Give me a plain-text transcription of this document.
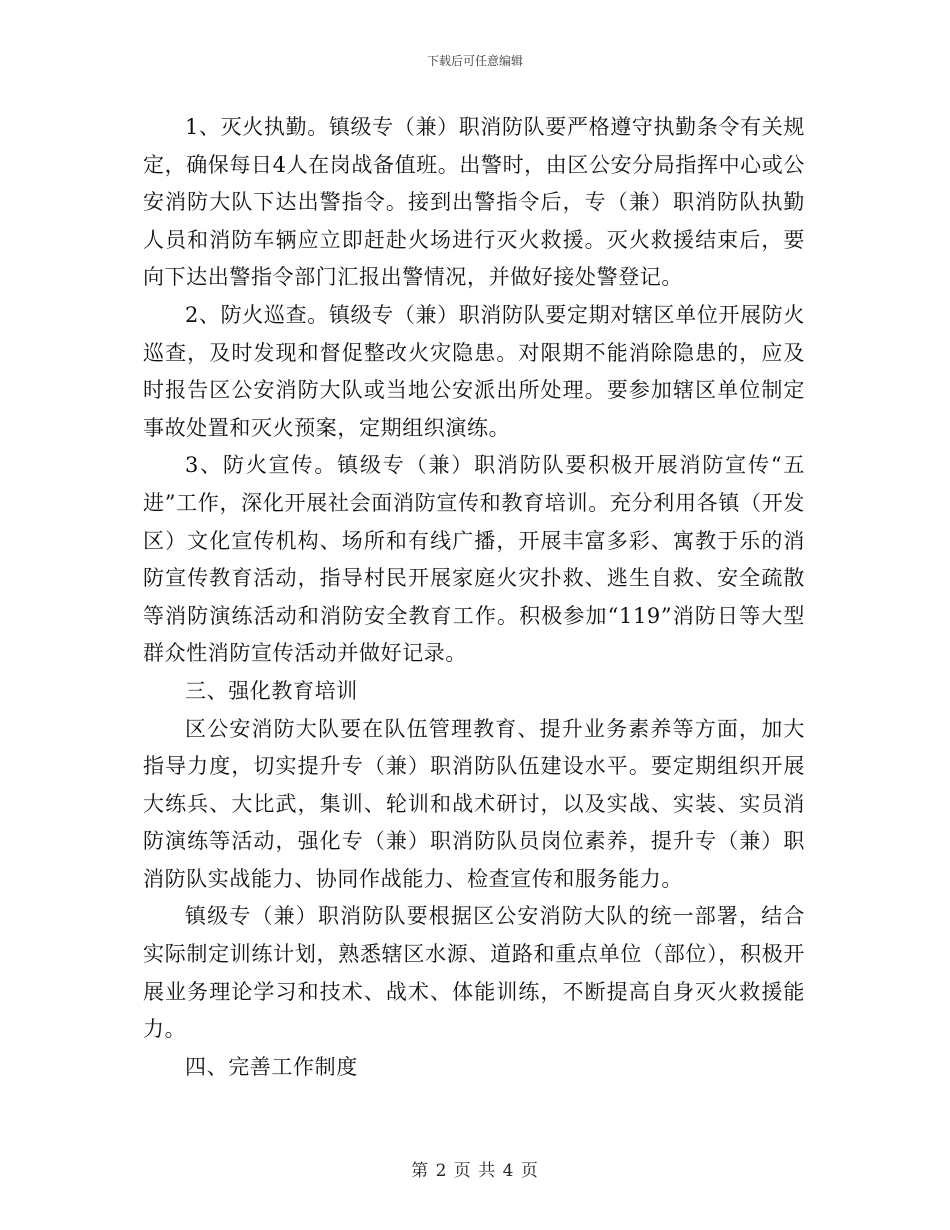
下载后可任意编辑

1、灭火执勤。镇级专（兼）职消防队要严格遵守执勤条令有关规定，确保每日4人在岗战备值班。出警时，由区公安分局指挥中心或公安消防大队下达出警指令。接到出警指令后，专（兼）职消防队执勤人员和消防车辆应立即赶赴火场进行灭火救援。灭火救援结束后，要向下达出警指令部门汇报出警情况，并做好接处警登记。

2、防火巡查。镇级专（兼）职消防队要定期对辖区单位开展防火巡查，及时发现和督促整改火灾隐患。对限期不能消除隐患的，应及时报告区公安消防大队或当地公安派出所处理。要参加辖区单位制定事故处置和灭火预案，定期组织演练。

3、防火宣传。镇级专（兼）职消防队要积极开展消防宣传“五进”工作，深化开展社会面消防宣传和教育培训。充分利用各镇（开发区）文化宣传机构、场所和有线广播，开展丰富多彩、寓教于乐的消防宣传教育活动，指导村民开展家庭火灾扑救、逃生自救、安全疏散等消防演练活动和消防安全教育工作。积极参加“119”消防日等大型群众性消防宣传活动并做好记录。

三、强化教育培训

区公安消防大队要在队伍管理教育、提升业务素养等方面，加大指导力度，切实提升专（兼）职消防队伍建设水平。要定期组织开展大练兵、大比武，集训、轮训和战术研讨，以及实战、实装、实员消防演练等活动，强化专（兼）职消防队员岗位素养，提升专（兼）职消防队实战能力、协同作战能力、检查宣传和服务能力。

镇级专（兼）职消防队要根据区公安消防大队的统一部署，结合实际制定训练计划，熟悉辖区水源、道路和重点单位（部位），积极开展业务理论学习和技术、战术、体能训练，不断提高自身灭火救援能力。

四、完善工作制度

第 2 页 共 4 页
